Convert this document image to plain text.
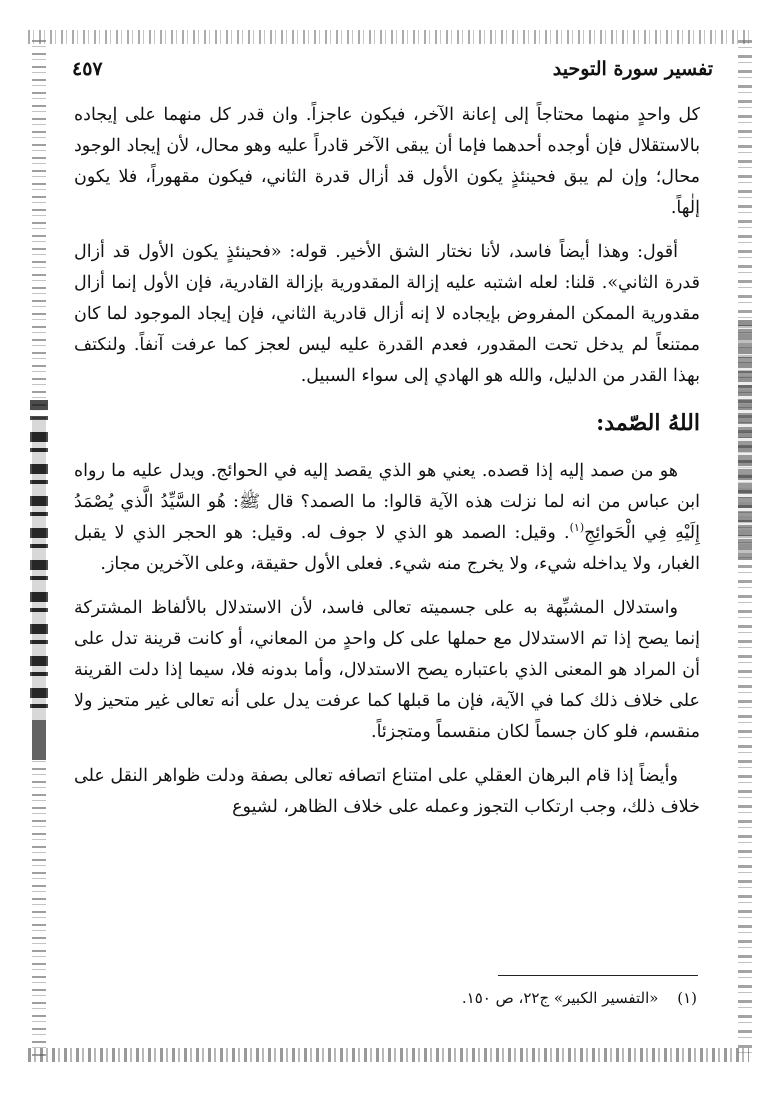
تفسير سورة التوحيد
٤٥٧

كل واحدٍ منهما محتاجاً إلى إعانة الآخر، فيكون عاجزاً. وان قدر كل منهما على إيجاده بالاستقلال فإن أوجده أحدهما فإما أن يبقى الآخر قادراً عليه وهو محال، لأن إيجاد الوجود محال؛ وإن لم يبق فحينئذٍ يكون الأول قد أزال قدرة الثاني، فيكون مقهوراً، فلا يكون إلٰهاً.

أقول: وهذا أيضاً فاسد، لأنا نختار الشق الأخير. قوله: «فحينئذٍ يكون الأول قد أزال قدرة الثاني». قلنا: لعله اشتبه عليه إزالة المقدورية بإزالة القادرية، فإن الأول إنما أزال مقدورية الممكن المفروض بإيجاده لا إنه أزال قادرية الثاني، فإن إيجاد الموجود لما كان ممتنعاً لم يدخل تحت المقدور، فعدم القدرة عليه ليس لعجز كما عرفت آنفاً. ولنكتف بهذا القدر من الدليل، والله هو الهادي إلى سواء السبيل.

اللهُ الصّمد:

هو من صمد إليه إذا قصده. يعني هو الذي يقصد إليه في الحوائج. ويدل عليه ما رواه ابن عباس من انه لما نزلت هذه الآية قالوا: ما الصمد؟ قال ﷺ: هُو السَّيِّدُ الَّذي يُصْمَدُ إِلَيْهِ فِي الْحَوائِجِ$^{(١)}$. وقيل: الصمد هو الذي لا جوف له. وقيل: هو الحجر الذي لا يقبل الغبار، ولا يداخله شيء، ولا يخرج منه شيء. فعلى الأول حقيقة، وعلى الآخرين مجاز.

واستدلال المشبِّهة به على جسميته تعالى فاسد، لأن الاستدلال بالألفاظ المشتركة إنما يصح إذا تم الاستدلال مع حملها على كل واحدٍ من المعاني، أو كانت قرينة تدل على أن المراد هو المعنى الذي باعتباره يصح الاستدلال، وأما بدونه فلا، سيما إذا دلت القرينة على خلاف ذلك كما في الآية، فإن ما قبلها كما عرفت يدل على أنه تعالى غير متحيز ولا منقسم، فلو كان جسماً لكان منقسماً ومتجزئاً.

وأيضاً إذا قام البرهان العقلي على امتناع اتصافه تعالى بصفة ودلت ظواهر النقل على خلاف ذلك، وجب ارتكاب التجوز وعمله على خلاف الظاهر، لشيوع

(١) «التفسير الكبير» ج٢٢، ص ١٥٠.
